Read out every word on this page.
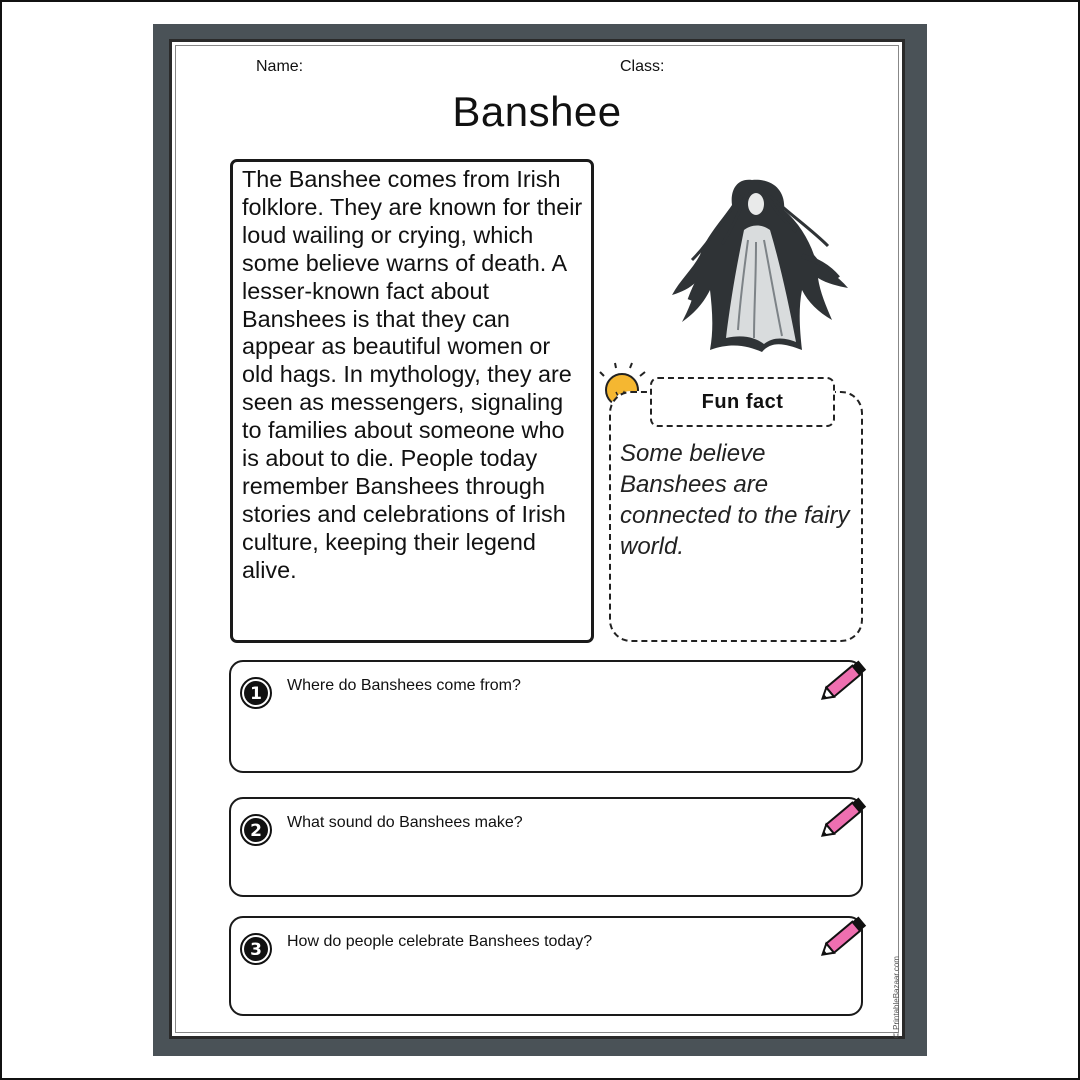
Name:	Class:
Banshee

The Banshee comes from Irish folklore. They are known for their loud wailing or crying, which some believe warns of death. A lesser-known fact about Banshees is that they can appear as beautiful women or old hags. In mythology, they are seen as messengers, signaling to families about someone who is about to die. People today remember Banshees through stories and celebrations of Irish culture, keeping their legend alive.

Fun fact

Some believe Banshees are connected to the fairy world.

1 Where do Banshees come from?
2 What sound do Banshees make?
3 How do people celebrate Banshees today?
© PrintableBazaar.com
